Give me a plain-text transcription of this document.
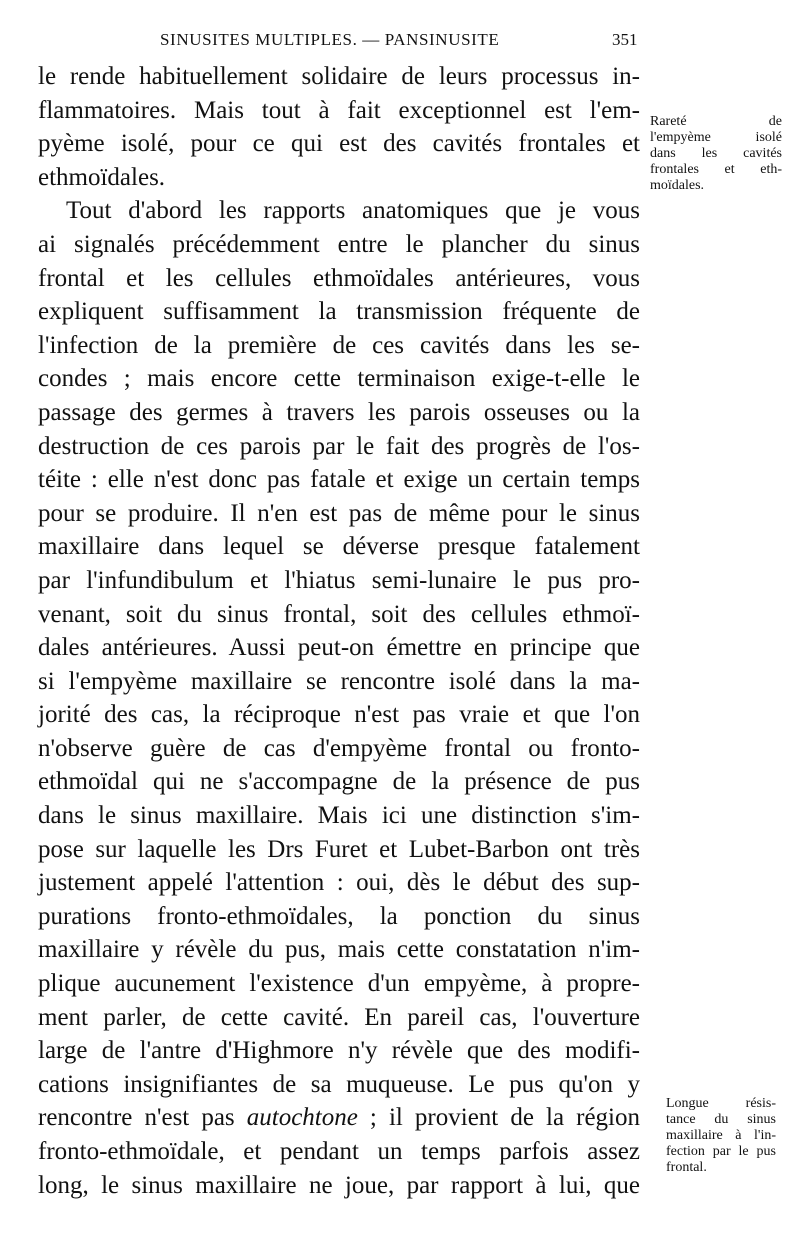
SINUSITES MULTIPLES. — PANSINUSITE	351
le rende habituellement solidaire de leurs processus in-
flammatoires. Mais tout à fait exceptionnel est l'em-
pyème isolé, pour ce qui est des cavités frontales et
ethmoïdales.
Tout d'abord les rapports anatomiques que je vous
ai signalés précédemment entre le plancher du sinus
frontal et les cellules ethmoïdales antérieures, vous
expliquent suffisamment la transmission fréquente de
l'infection de la première de ces cavités dans les se-
condes ; mais encore cette terminaison exige-t-elle le
passage des germes à travers les parois osseuses ou la
destruction de ces parois par le fait des progrès de l'os-
téite : elle n'est donc pas fatale et exige un certain temps
pour se produire. Il n'en est pas de même pour le sinus
maxillaire dans lequel se déverse presque fatalement
par l'infundibulum et l'hiatus semi-lunaire le pus pro-
venant, soit du sinus frontal, soit des cellules ethmoï-
dales antérieures. Aussi peut-on émettre en principe que
si l'empyème maxillaire se rencontre isolé dans la ma-
jorité des cas, la réciproque n'est pas vraie et que l'on
n'observe guère de cas d'empyème frontal ou fronto-
ethmoïdal qui ne s'accompagne de la présence de pus
dans le sinus maxillaire. Mais ici une distinction s'im-
pose sur laquelle les Drs Furet et Lubet-Barbon ont très
justement appelé l'attention : oui, dès le début des sup-
purations fronto-ethmoïdales, la ponction du sinus
maxillaire y révèle du pus, mais cette constatation n'im-
plique aucunement l'existence d'un empyème, à propre-
ment parler, de cette cavité. En pareil cas, l'ouverture
large de l'antre d'Highmore n'y révèle que des modifi-
cations insignifiantes de sa muqueuse. Le pus qu'on y
rencontre n'est pas autochtone ; il provient de la région
fronto-ethmoïdale, et pendant un temps parfois assez
long, le sinus maxillaire ne joue, par rapport à lui, que
Rareté de
l'empyème isolé
dans les cavités
frontales et eth-
moïdales.
Longue résis-
tance du sinus
maxillaire à l'in-
fection par le pus
frontal.
